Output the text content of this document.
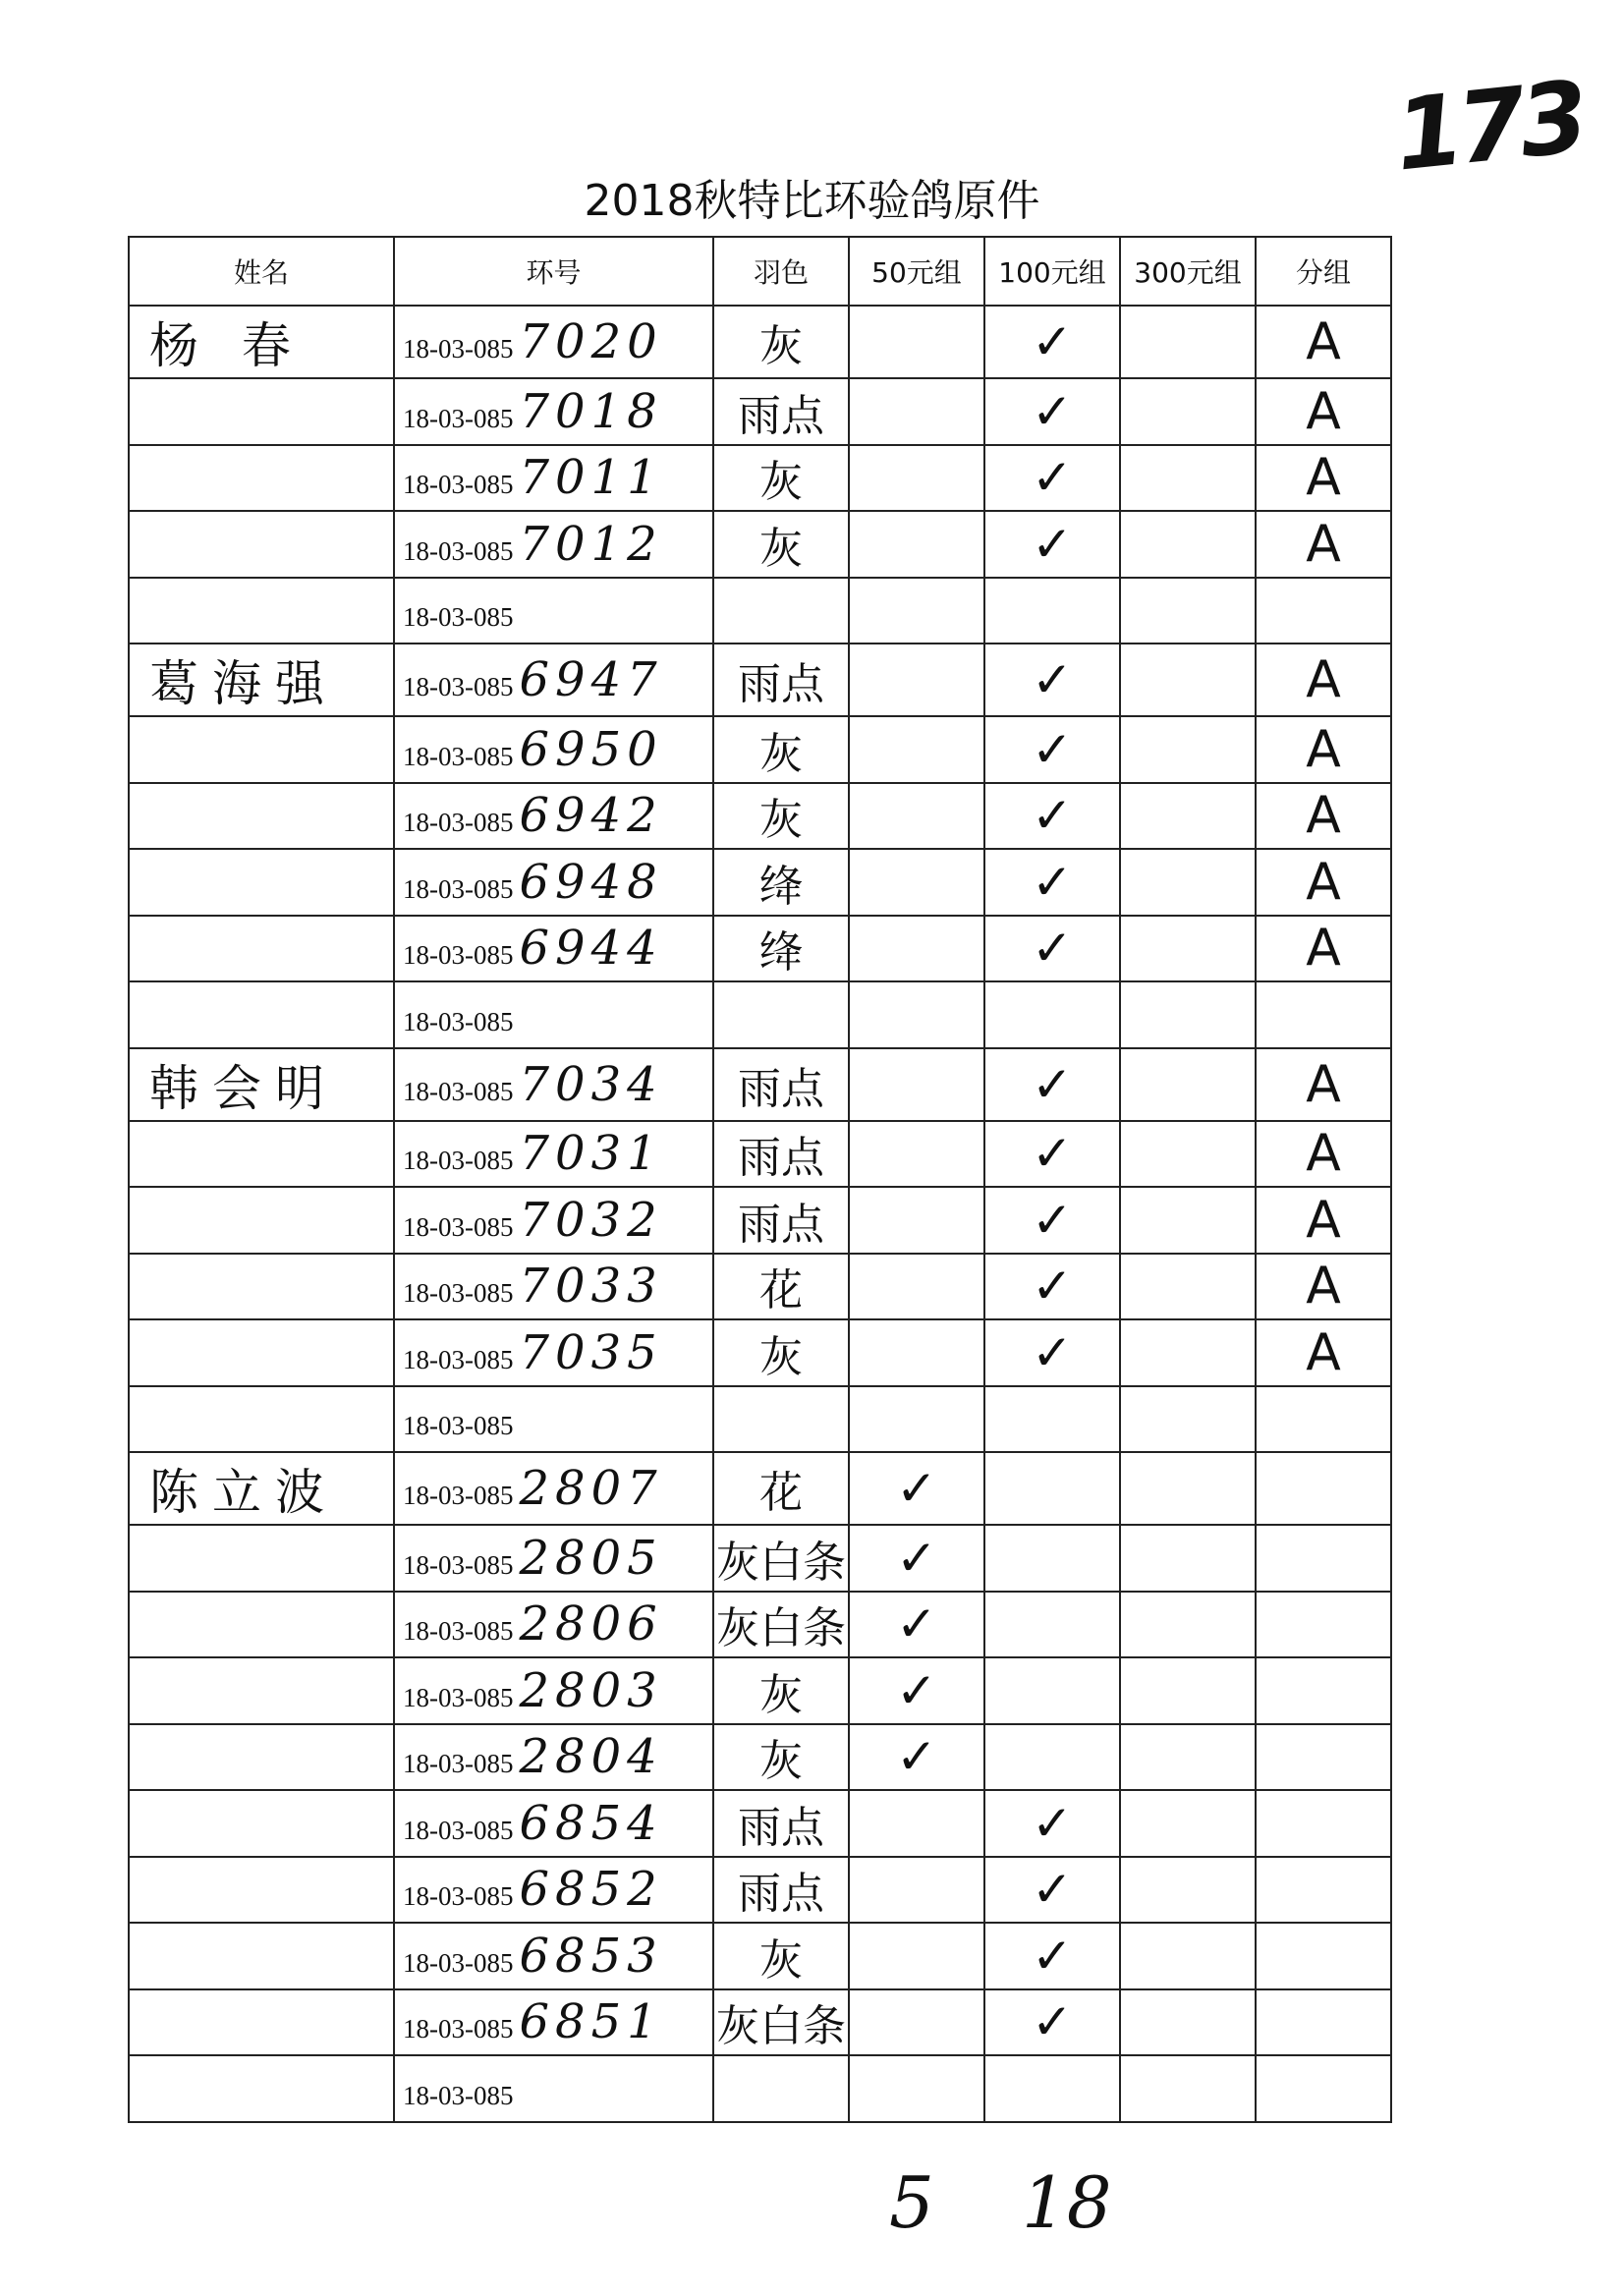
173
2018秋特比环验鸽原件
姓名	环号	羽色	50元组	100元组	300元组	分组
杨 春	18-03-085 7020	灰		✓		A
	18-03-085 7018	雨点		✓		A
	18-03-085 7011	灰		✓		A
	18-03-085 7012	灰		✓		A
	18-03-085					
葛海强	18-03-085 6947	雨点		✓		A
	18-03-085 6950	灰		✓		A
	18-03-085 6942	灰		✓		A
	18-03-085 6948	绛		✓		A
	18-03-085 6944	绛		✓		A
	18-03-085					
韩会明	18-03-085 7034	雨点		✓		A
	18-03-085 7031	雨点		✓		A
	18-03-085 7032	雨点		✓		A
	18-03-085 7033	花		✓		A
	18-03-085 7035	灰		✓		A
	18-03-085					
陈立波	18-03-085 2807	花	✓			
	18-03-085 2805	灰白条	✓			
	18-03-085 2806	灰白条	✓			
	18-03-085 2803	灰	✓			
	18-03-085 2804	灰	✓			
	18-03-085 6854	雨点		✓		
	18-03-085 6852	雨点		✓		
	18-03-085 6853	灰		✓		
	18-03-085 6851	灰白条		✓		
	18-03-085					
5 18
